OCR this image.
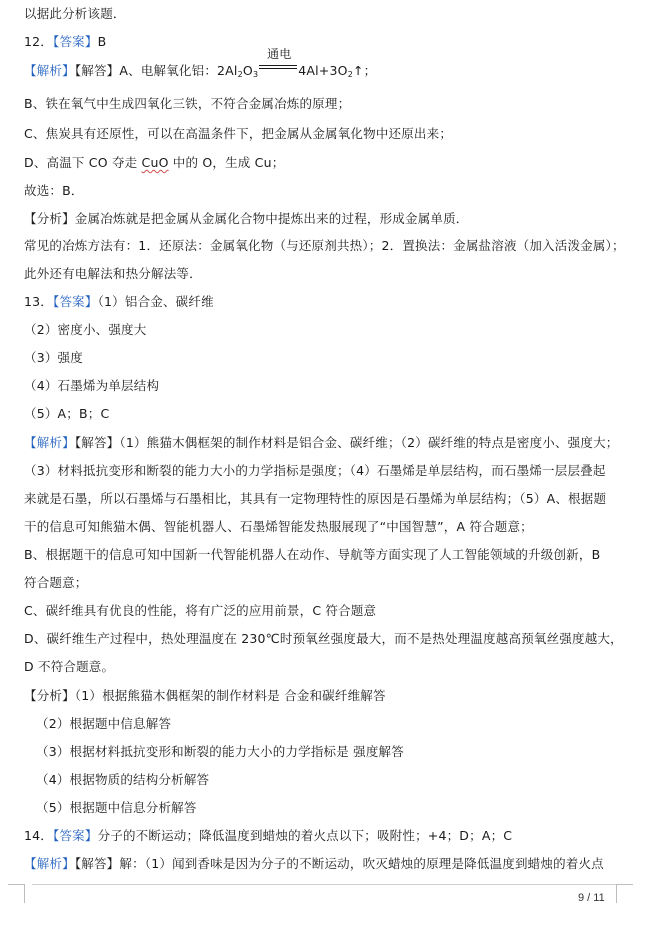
以据此分析该题．
12．【答案】B
【解析】【解答】A、电解氧化铝：$2Al_2O_3$
通电
$4Al+3O_2↑$；
B、铁在氧气中生成四氧化三铁，不符合金属冶炼的原理；
C、焦炭具有还原性，可以在高温条件下，把金属从金属氧化物中还原出来；
D、高温下 CO 夺走 CuO 中的 O，生成 Cu；
故选：B．
【分析】金属冶炼就是把金属从金属化合物中提炼出来的过程，形成金属单质．
常见的冶炼方法有：1．还原法：金属氧化物（与还原剂共热）；2．置换法：金属盐溶液（加入活泼金属）；
此外还有电解法和热分解法等．
13．【答案】（1）铝合金、碳纤维
（2）密度小、强度大
（3）强度
（4）石墨烯为单层结构
（5）A；B；C
【解析】【解答】（1）熊猫木偶框架的制作材料是铝合金、碳纤维；（2）碳纤维的特点是密度小、强度大；
（3）材料抵抗变形和断裂的能力大小的力学指标是强度；（4）石墨烯是单层结构，而石墨烯一层层叠起
来就是石墨，所以石墨烯与石墨相比，其具有一定物理特性的原因是石墨烯为单层结构；（5）A、根据题
干的信息可知熊猫木偶、智能机器人、石墨烯智能发热服展现了“中国智慧”，A 符合题意；
B、根据题干的信息可知中国新一代智能机器人在动作、导航等方面实现了人工智能领域的升级创新，B
符合题意；
C、碳纤维具有优良的性能，将有广泛的应用前景，C 符合题意
D、碳纤维生产过程中，热处理温度在 230℃时预氧丝强度最大，而不是热处理温度越高预氧丝强度越大，
D 不符合题意。
【分析】（1）根据熊猫木偶框架的制作材料是 合金和碳纤维解答
（2）根据题中信息解答
（3）根据材料抵抗变形和断裂的能力大小的力学指标是 强度解答
（4）根据物质的结构分析解答
（5）根据题中信息分析解答
14．【答案】分子的不断运动；降低温度到蜡烛的着火点以下；吸附性；+4；D；A；C
【解析】【解答】解：（1）闻到香味是因为分子的不断运动，吹灭蜡烛的原理是降低温度到蜡烛的着火点
9 / 11
